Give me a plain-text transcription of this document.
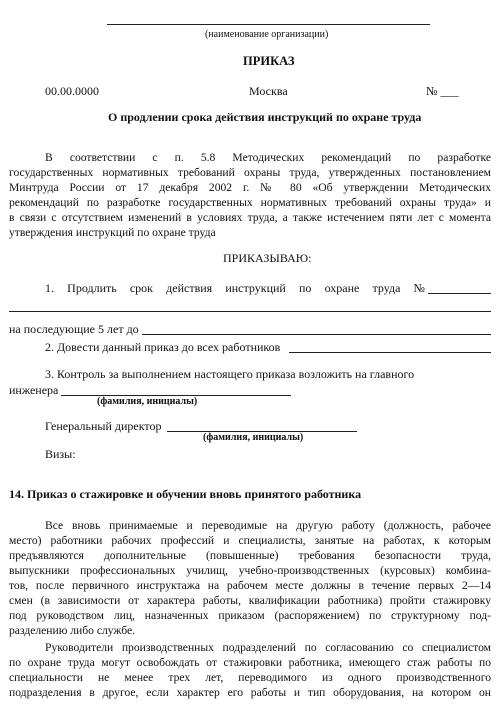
(наименование организации)
ПРИКАЗ
00.00.0000	Москва	№ ___
О продлении срока действия инструкций по охране труда
В соответствии с п. 5.8 Методических рекомендаций по разработке
государственных нормативных требований охраны труда, утвержденных постановлением
Минтруда России от 17 декабря 2002 г. № 80 «Об утверждении Методических
рекомендаций по разработке государственных нормативных требований охраны труда» и
в связи с отсутствием изменений в условиях труда, а также истечением пяти лет с момента
утверждения инструкций по охране труда
ПРИКАЗЫВАЮ:
1. Продлить срок действия инструкций по охране труда №
на последующие 5 лет до
2. Довести данный приказ до всех работников
3. Контроль за выполнением настоящего приказа возложить на главного
инженера
(фамилия, инициалы)
Генеральный директор
(фамилия, инициалы)
Визы:
14. Приказ о стажировке и обучении вновь принятого работника
Все вновь принимаемые и переводимые на другую работу (должность, рабочее
место) работники рабочих профессий и специалисты, занятые на работах, к которым
предъявляются дополнительные (повышенные) требования безопасности труда,
выпускники профессиональных училищ, учебно-производственных (курсовых) комбина-
тов, после первичного инструктажа на рабочем месте должны в течение первых 2—14
смен (в зависимости от характера работы, квалификации работника) пройти стажировку
под руководством лиц, назначенных приказом (распоряжением) по структурному под-
разделению либо службе.
Руководители производственных подразделений по согласованию со специалистом
по охране труда могут освобождать от стажировки работника, имеющего стаж работы по
специальности не менее трех лет, переводимого из одного производственного
подразделения в другое, если характер его работы и тип оборудования, на котором он
